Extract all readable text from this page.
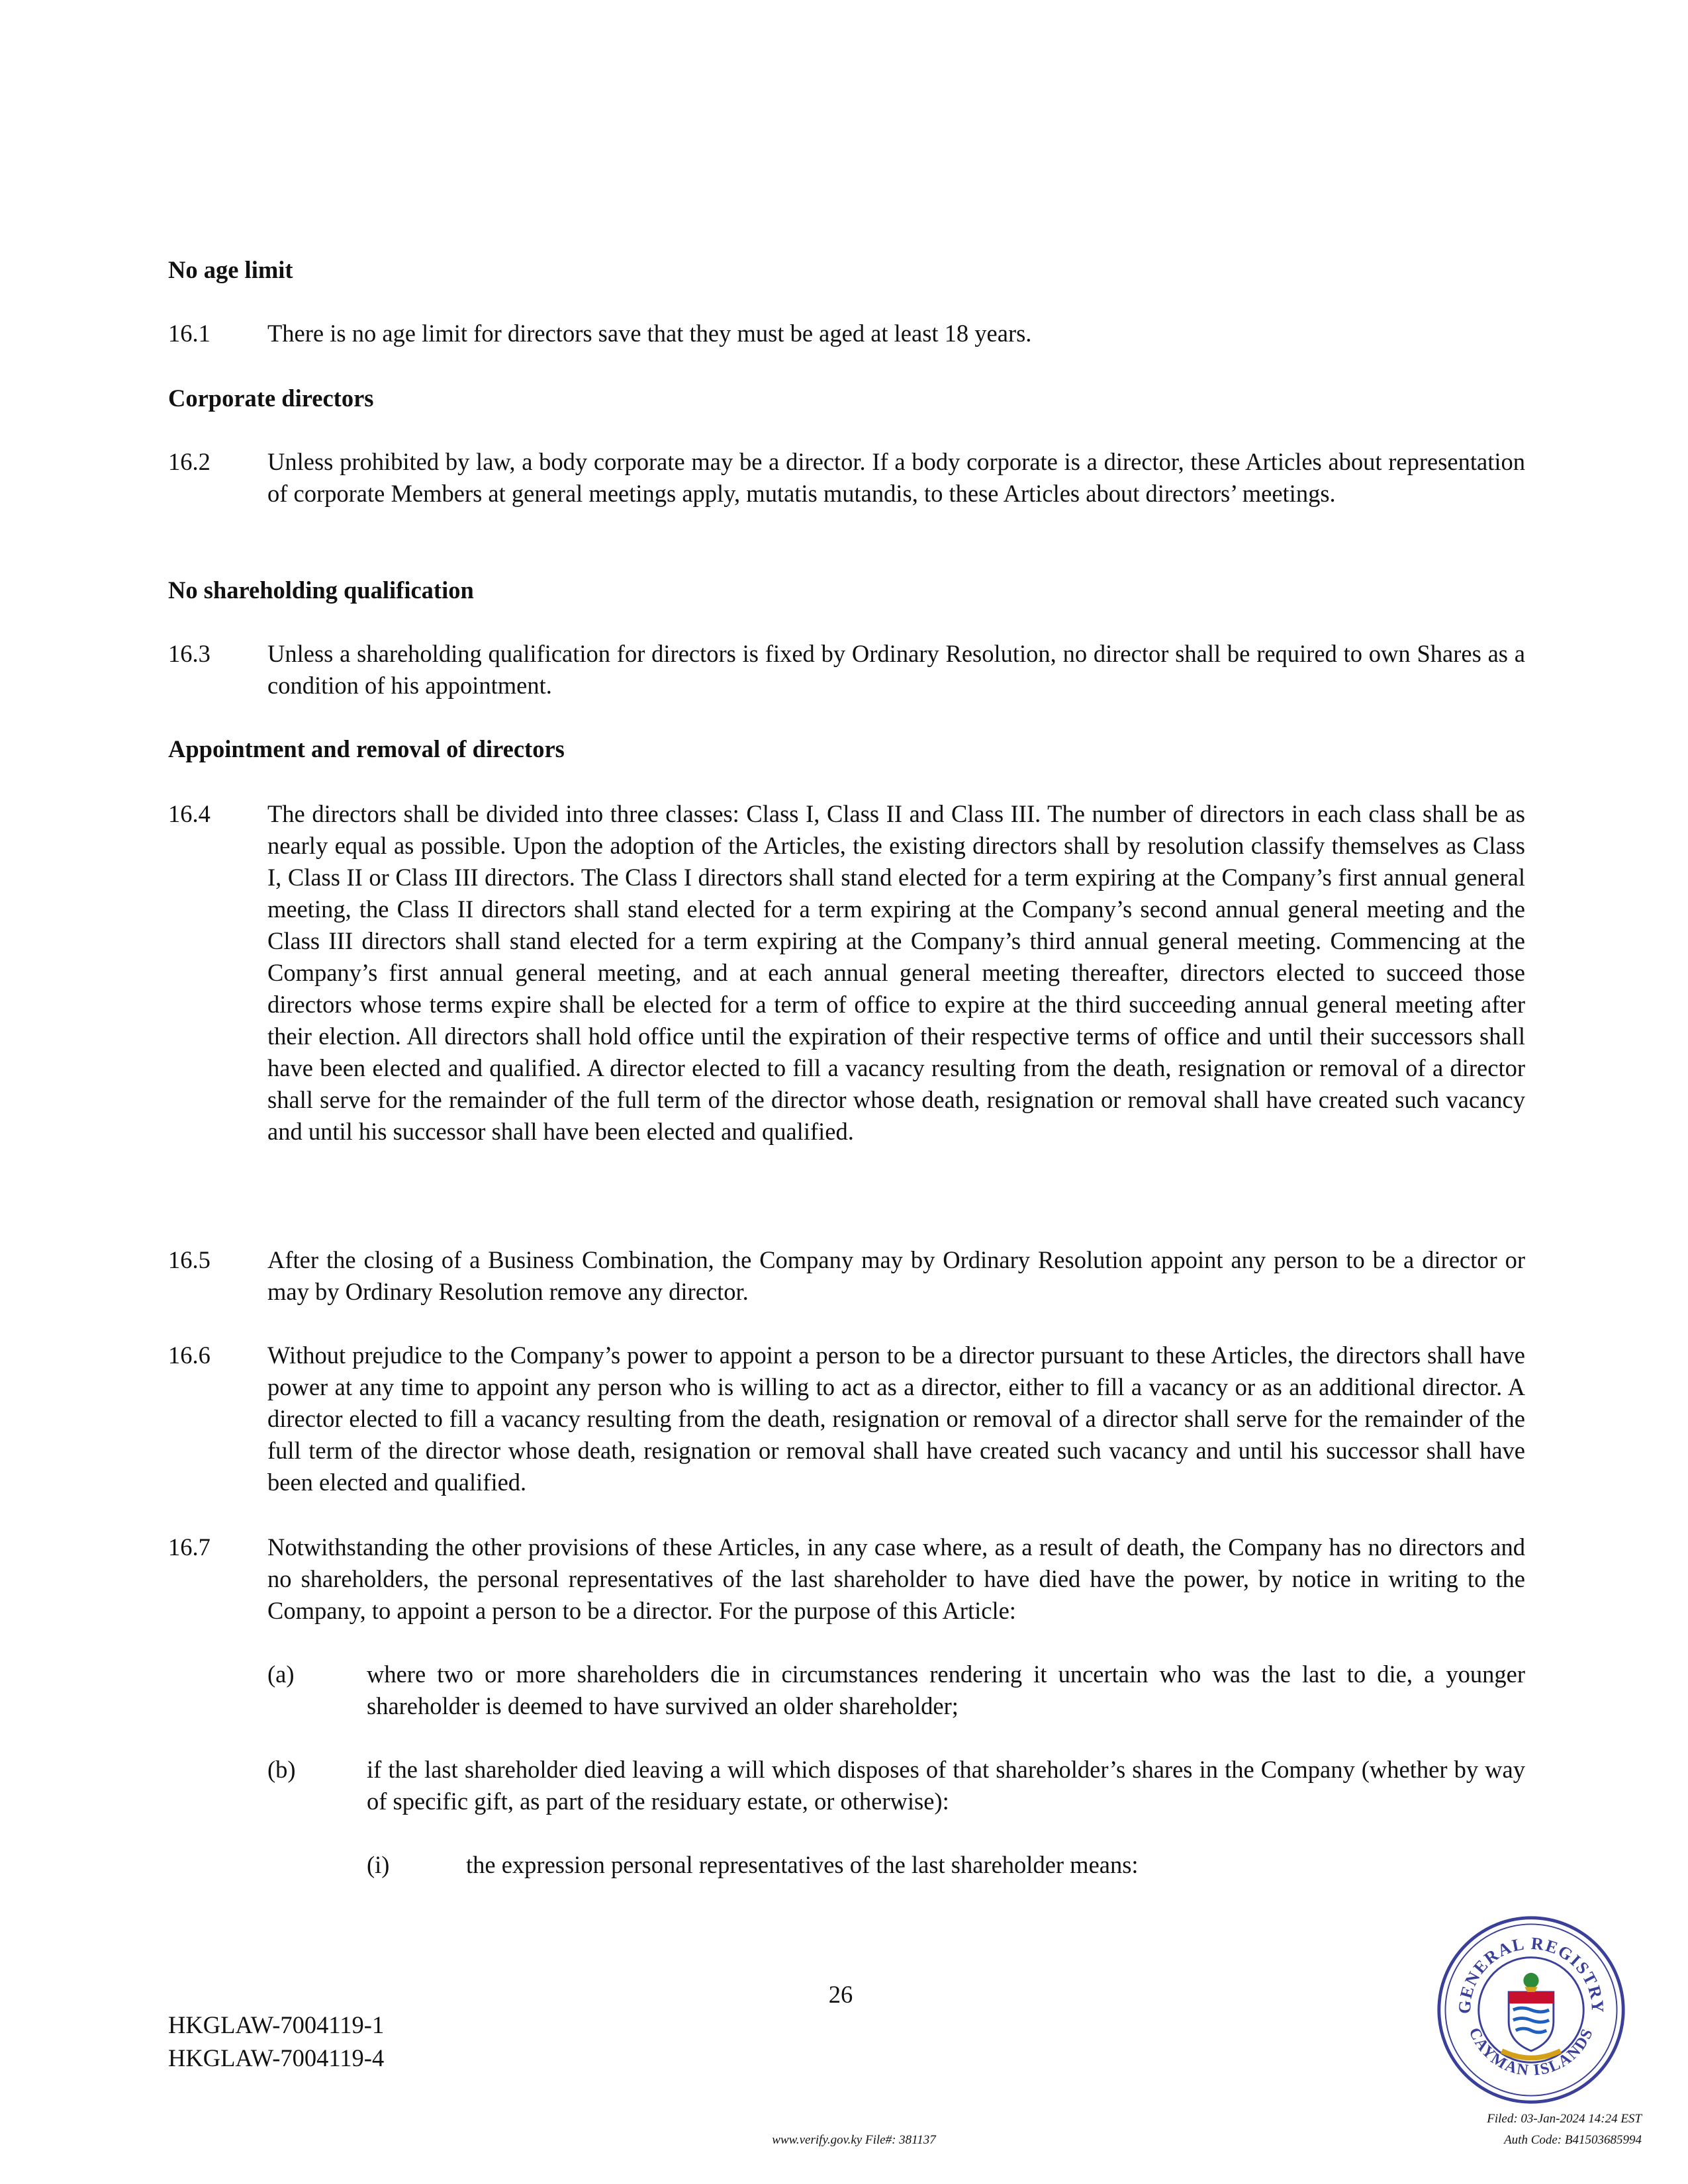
No age limit
16.1 There is no age limit for directors save that they must be aged at least 18 years.
Corporate directors
16.2 Unless prohibited by law, a body corporate may be a director. If a body corporate is a director, these Articles about representation of corporate Members at general meetings apply, mutatis mutandis, to these Articles about directors’ meetings.
No shareholding qualification
16.3 Unless a shareholding qualification for directors is fixed by Ordinary Resolution, no director shall be required to own Shares as a condition of his appointment.
Appointment and removal of directors
16.4 The directors shall be divided into three classes: Class I, Class II and Class III. The number of directors in each class shall be as nearly equal as possible. Upon the adoption of the Articles, the existing directors shall by resolution classify themselves as Class I, Class II or Class III directors. The Class I directors shall stand elected for a term expiring at the Company’s first annual general meeting, the Class II directors shall stand elected for a term expiring at the Company’s second annual general meeting and the Class III directors shall stand elected for a term expiring at the Company’s third annual general meeting. Commencing at the Company’s first annual general meeting, and at each annual general meeting thereafter, directors elected to succeed those directors whose terms expire shall be elected for a term of office to expire at the third succeeding annual general meeting after their election. All directors shall hold office until the expiration of their respective terms of office and until their successors shall have been elected and qualified. A director elected to fill a vacancy resulting from the death, resignation or removal of a director shall serve for the remainder of the full term of the director whose death, resignation or removal shall have created such vacancy and until his successor shall have been elected and qualified.
16.5 After the closing of a Business Combination, the Company may by Ordinary Resolution appoint any person to be a director or may by Ordinary Resolution remove any director.
16.6 Without prejudice to the Company’s power to appoint a person to be a director pursuant to these Articles, the directors shall have power at any time to appoint any person who is willing to act as a director, either to fill a vacancy or as an additional director. A director elected to fill a vacancy resulting from the death, resignation or removal of a director shall serve for the remainder of the full term of the director whose death, resignation or removal shall have created such vacancy and until his successor shall have been elected and qualified.
16.7 Notwithstanding the other provisions of these Articles, in any case where, as a result of death, the Company has no directors and no shareholders, the personal representatives of the last shareholder to have died have the power, by notice in writing to the Company, to appoint a person to be a director. For the purpose of this Article:
(a)	where two or more shareholders die in circumstances rendering it uncertain who was the last to die, a younger shareholder is deemed to have survived an older shareholder;
(b)	if the last shareholder died leaving a will which disposes of that shareholder’s shares in the Company (whether by way of specific gift, as part of the residuary estate, or otherwise):
(i)	the expression personal representatives of the last shareholder means:
26
HKGLAW-7004119-1
HKGLAW-7004119-4
GENERAL REGISTRY
CAYMAN ISLANDS
www.verify.gov.ky File#: 381137
Filed: 03-Jan-2024 14:24 EST
Auth Code: B41503685994
